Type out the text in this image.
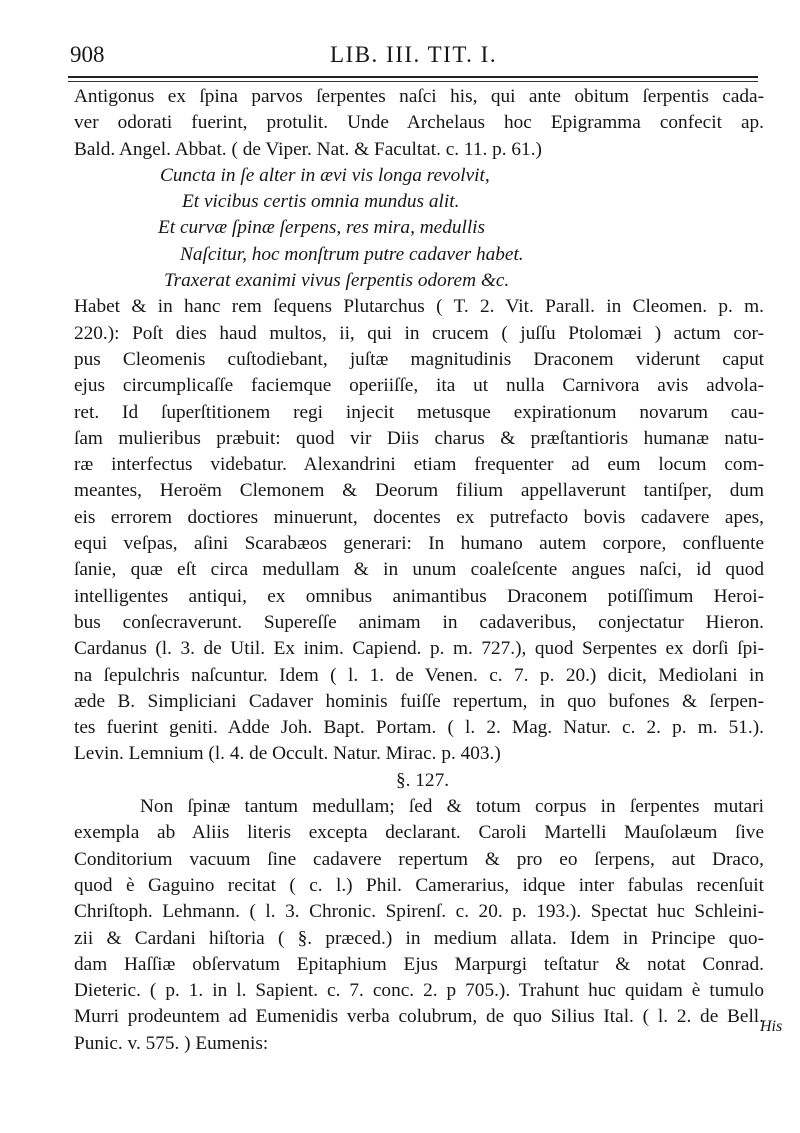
908	LIB. III. TIT. I.
Antigonus ex ſpina parvos ſerpentes naſci his, qui ante obitum ſerpentis cada-
ver odorati fuerint, protulit. Unde Archelaus hoc Epigramma confecit ap.
Bald. Angel. Abbat. ( de Viper. Nat. & Facultat. c. 11. p. 61.)
Cuncta in ſe alter in ævi vis longa revolvit,
Et vicibus certis omnia mundus alit.
Et curvæ ſpinæ ſerpens, res mira, medullis
Naſcitur, hoc monſtrum putre cadaver habet.
Traxerat exanimi vivus ſerpentis odorem &c.
Habet & in hanc rem ſequens Plutarchus ( T. 2. Vit. Parall. in Cleomen. p. m.
220.): Poſt dies haud multos, ii, qui in crucem ( juſſu Ptolomæi ) actum cor-
pus Cleomenis cuſtodiebant, juſtæ magnitudinis Draconem viderunt caput
ejus circumplicaſſe faciemque operiiſſe, ita ut nulla Carnivora avis advola-
ret. Id ſuperſtitionem regi injecit metusque expirationum novarum cau-
ſam mulieribus præbuit: quod vir Diis charus & præſtantioris humanæ natu-
ræ interfectus videbatur. Alexandrini etiam frequenter ad eum locum com-
meantes, Heroëm Clemonem & Deorum filium appellaverunt tantiſper, dum
eis errorem doctiores minuerunt, docentes ex putrefacto bovis cadavere apes,
equi veſpas, aſini Scarabæos generari: In humano autem corpore, confluente
ſanie, quæ eſt circa medullam & in unum coaleſcente angues naſci, id quod
intelligentes antiqui, ex omnibus animantibus Draconem potiſſimum Heroi-
bus conſecraverunt. Supereſſe animam in cadaveribus, conjectatur Hieron.
Cardanus (l. 3. de Util. Ex inim. Capiend. p. m. 727.), quod Serpentes ex dorſi ſpi-
na ſepulchris naſcuntur. Idem ( l. 1. de Venen. c. 7. p. 20.) dicit, Mediolani in
æde B. Simpliciani Cadaver hominis fuiſſe repertum, in quo bufones & ſerpen-
tes fuerint geniti. Adde Joh. Bapt. Portam. ( l. 2. Mag. Natur. c. 2. p. m. 51.).
Levin. Lemnium (l. 4. de Occult. Natur. Mirac. p. 403.)
§. 127.
Non ſpinæ tantum medullam; ſed & totum corpus in ſerpentes mutari
exempla ab Aliis literis excepta declarant. Caroli Martelli Mauſolæum ſive
Conditorium vacuum ſine cadavere repertum & pro eo ſerpens, aut Draco,
quod è Gaguino recitat ( c. l.) Phil. Camerarius, idque inter fabulas recenſuit
Chriſtoph. Lehmann. ( l. 3. Chronic. Spirenſ. c. 20. p. 193.). Spectat huc Schleini-
zii & Cardani hiſtoria ( §. præced.) in medium allata. Idem in Principe quo-
dam Haſſiæ obſervatum Epitaphium Ejus Marpurgi teſtatur & notat Conrad.
Dieteric. ( p. 1. in l. Sapient. c. 7. conc. 2. p 705.). Trahunt huc quidam è tumulo
Murri prodeuntem ad Eumenidis verba colubrum, de quo Silius Ital. ( l. 2. de Bell.
Punic. v. 575. ) Eumenis:
His
